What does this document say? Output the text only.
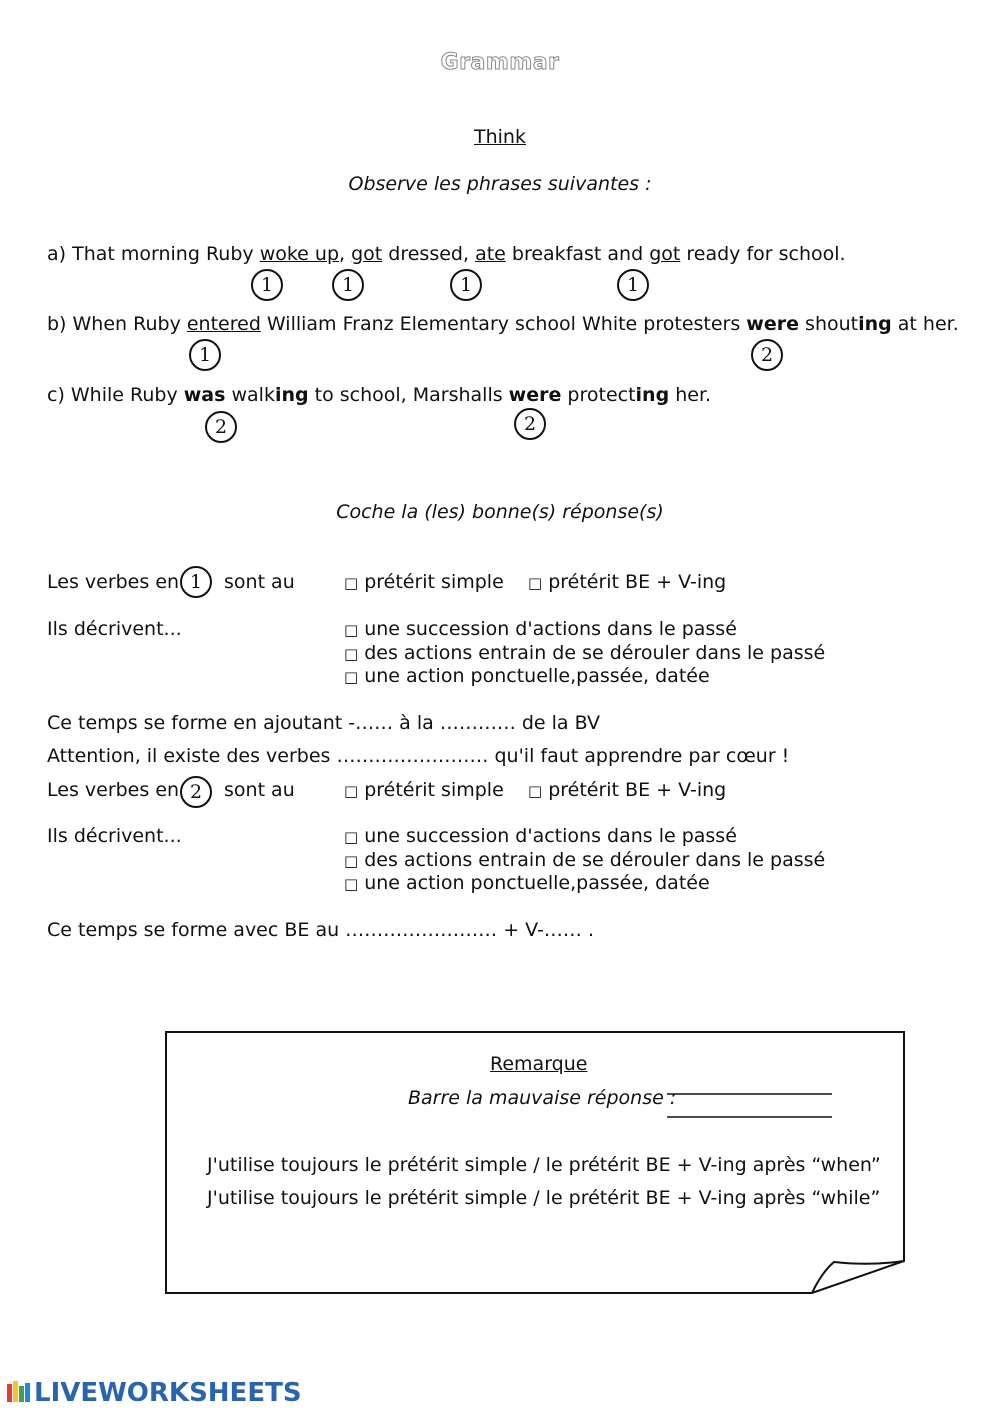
Grammar
Think
Observe les phrases suivantes :
a) That morning Ruby woke up, got dressed, ate breakfast and got ready for school.
1	1	1	1
b) When Ruby entered William Franz Elementary school White protesters were shouting at her.
1	2
c) While Ruby was walking to school, Marshalls were protecting her.
2	2
Coche la (les) bonne(s) réponse(s)
Les verbes en 1	sont au	□ prétérit simple □ prétérit BE + V-ing
Ils décrivent...	□ une succession d'actions dans le passé
□ des actions entrain de se dérouler dans le passé
□ une action ponctuelle,passée, datée
Ce temps se forme en ajoutant -…… à la ………… de la BV
Attention, il existe des verbes …………………… qu'il faut apprendre par cœur !
Les verbes en 2	sont au	□ prétérit simple □ prétérit BE + V-ing
Ils décrivent...	□ une succession d'actions dans le passé
□ des actions entrain de se dérouler dans le passé
□ une action ponctuelle,passée, datée
Ce temps se forme avec BE au …………………… + V-…… .
Remarque
Barre la mauvaise réponse :
J'utilise toujours le prétérit simple / le prétérit BE + V-ing après “when”
J'utilise toujours le prétérit simple / le prétérit BE + V-ing après “while”
LIVEWORKSHEETS
